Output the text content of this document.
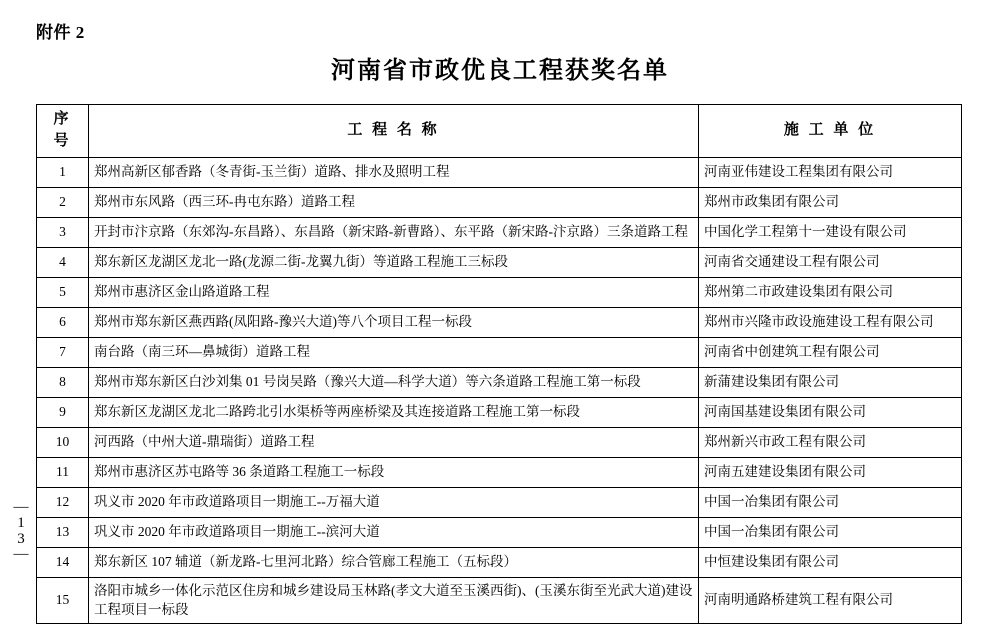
附件 2
河南省市政优良工程获奖名单
—
1
3
—
序 号	工 程 名 称	施 工 单 位
1	郑州高新区郁香路（冬青街-玉兰街）道路、排水及照明工程	河南亚伟建设工程集团有限公司
2	郑州市东风路（西三环-冉屯东路）道路工程	郑州市政集团有限公司
3	开封市汴京路（东郊沟-东昌路）、东昌路（新宋路-新曹路）、东平路（新宋路-汴京路）三条道路工程	中国化学工程第十一建设有限公司
4	郑东新区龙湖区龙北一路(龙源二街-龙翼九街）等道路工程施工三标段	河南省交通建设工程有限公司
5	郑州市惠济区金山路道路工程	郑州第二市政建设集团有限公司
6	郑州市郑东新区燕西路(凤阳路-豫兴大道)等八个项目工程一标段	郑州市兴隆市政设施建设工程有限公司
7	南台路（南三环—鼻城街）道路工程	河南省中创建筑工程有限公司
8	郑州市郑东新区白沙刘集 01 号岗吴路（豫兴大道—科学大道）等六条道路工程施工第一标段	新蒲建设集团有限公司
9	郑东新区龙湖区龙北二路跨北引水渠桥等两座桥梁及其连接道路工程施工第一标段	河南国基建设集团有限公司
10	河西路（中州大道-鼎瑞街）道路工程	郑州新兴市政工程有限公司
11	郑州市惠济区苏屯路等 36 条道路工程施工一标段	河南五建建设集团有限公司
12	巩义市 2020 年市政道路项目一期施工--万福大道	中国一冶集团有限公司
13	巩义市 2020 年市政道路项目一期施工--滨河大道	中国一冶集团有限公司
14	郑东新区 107 辅道（新龙路-七里河北路）综合管廊工程施工（五标段）	中恒建设集团有限公司
15	洛阳市城乡一体化示范区住房和城乡建设局玉林路(孝文大道至玉溪西街)、(玉溪东街至光武大道)建设工程项目一标段	河南明通路桥建筑工程有限公司
